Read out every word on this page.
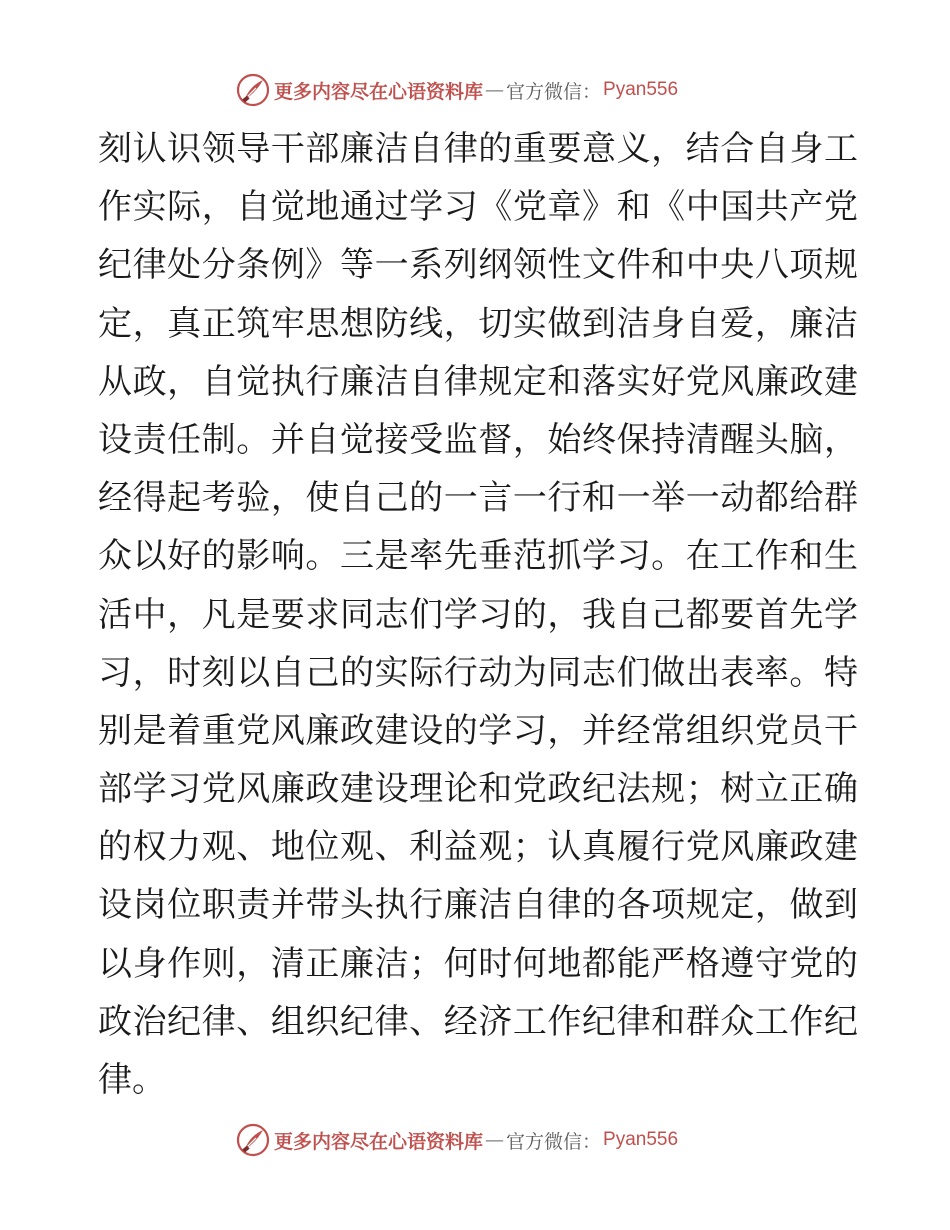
更多内容尽在心语资料库 — 官方微信： Pyan556
刻认识领导干部廉洁自律的重要意义，结合自身工
作实际，自觉地通过学习《党章》和《中国共产党
纪律处分条例》等一系列纲领性文件和中央八项规
定，真正筑牢思想防线，切实做到洁身自爱，廉洁
从政，自觉执行廉洁自律规定和落实好党风廉政建
设责任制。并自觉接受监督，始终保持清醒头脑，
经得起考验，使自己的一言一行和一举一动都给群
众以好的影响。三是率先垂范抓学习。在工作和生
活中，凡是要求同志们学习的，我自己都要首先学
习，时刻以自己的实际行动为同志们做出表率。特
别是着重党风廉政建设的学习，并经常组织党员干
部学习党风廉政建设理论和党政纪法规；树立正确
的权力观、地位观、利益观；认真履行党风廉政建
设岗位职责并带头执行廉洁自律的各项规定，做到
以身作则，清正廉洁；何时何地都能严格遵守党的
政治纪律、组织纪律、经济工作纪律和群众工作纪
律。
更多内容尽在心语资料库 — 官方微信： Pyan556
